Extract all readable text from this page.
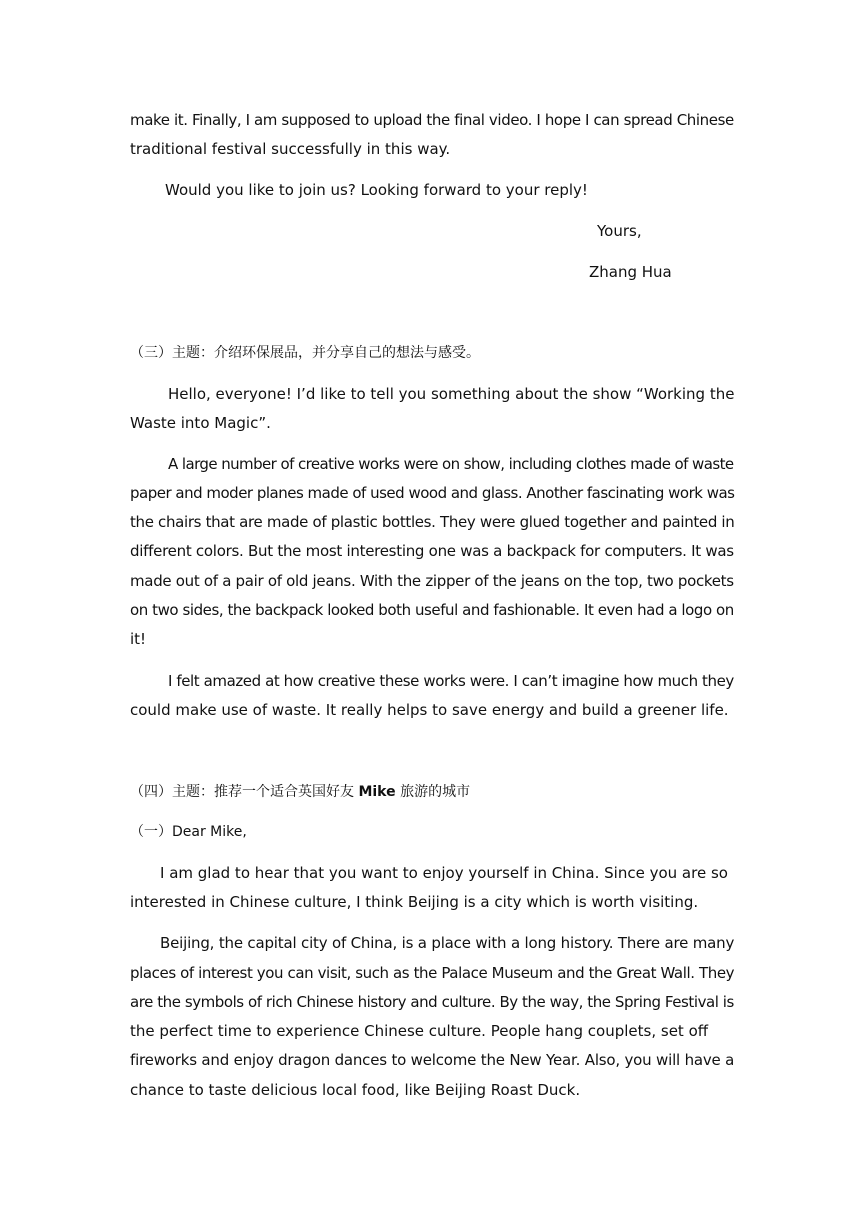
make it. Finally, I am supposed to upload the final video. I hope I can spread Chinese
traditional festival successfully in this way.
Would you like to join us? Looking forward to your reply!
Yours,
Zhang Hua
（三）主题：介绍环保展品，并分享自己的想法与感受。
Hello, everyone! I’d like to tell you something about the show “Working the
Waste into Magic”.
A large number of creative works were on show, including clothes made of waste
paper and moder planes made of used wood and glass. Another fascinating work was
the chairs that are made of plastic bottles. They were glued together and painted in
different colors. But the most interesting one was a backpack for computers. It was
made out of a pair of old jeans. With the zipper of the jeans on the top, two pockets
on two sides, the backpack looked both useful and fashionable. It even had a logo on
it!
I felt amazed at how creative these works were. I can’t imagine how much they
could make use of waste. It really helps to save energy and build a greener life.
（四）主题：推荐一个适合英国好友 Mike 旅游的城市
（一）Dear Mike,
I am glad to hear that you want to enjoy yourself in China. Since you are so
interested in Chinese culture, I think Beijing is a city which is worth visiting.
Beijing, the capital city of China, is a place with a long history. There are many
places of interest you can visit, such as the Palace Museum and the Great Wall. They
are the symbols of rich Chinese history and culture. By the way, the Spring Festival is
the perfect time to experience Chinese culture. People hang couplets, set off
fireworks and enjoy dragon dances to welcome the New Year. Also, you will have a
chance to taste delicious local food, like Beijing Roast Duck.
